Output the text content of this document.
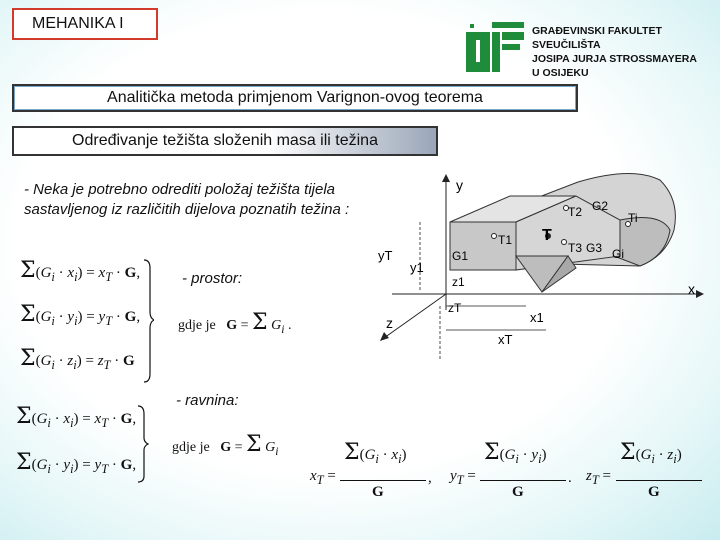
MEHANIKA I	GRAĐEVINSKI FAKULTET
SVEUČILIŠTA
JOSIPA JURJA STROSSMAYERA
U OSIJEKU
Analitička metoda primjenom Varignon-ovog teorema
Određivanje težišta složenih masa ili težina
- Neka je potrebno odrediti položaj težišta tijela sastavljenog iz različitih dijelova poznatih težina :
$\Sigma(G_i \cdot x_i) = x_T \cdot G$,
$\Sigma(G_i \cdot y_i) = y_T \cdot G$,
$\Sigma(G_i \cdot z_i) = z_T \cdot G$
- prostor:
gdje je G = Σ $G_i$ .
- ravnina:
$\Sigma(G_i \cdot x_i) = x_T \cdot G$,
$\Sigma(G_i \cdot y_i) = y_T \cdot G$,
gdje je G = Σ $G_i$	$\Sigma(G_i \cdot x_i)$
$x_T$ =
G
,
$\Sigma(G_i \cdot y_i)$
$y_T$ =
G
.
$\Sigma(G_i \cdot z_i)$
$z_T$ =
G
y
x
z
yT
y1
z1
zT
x1
xT
T
T1
T2
T3
Ti
G1
G2
G3 Gi
